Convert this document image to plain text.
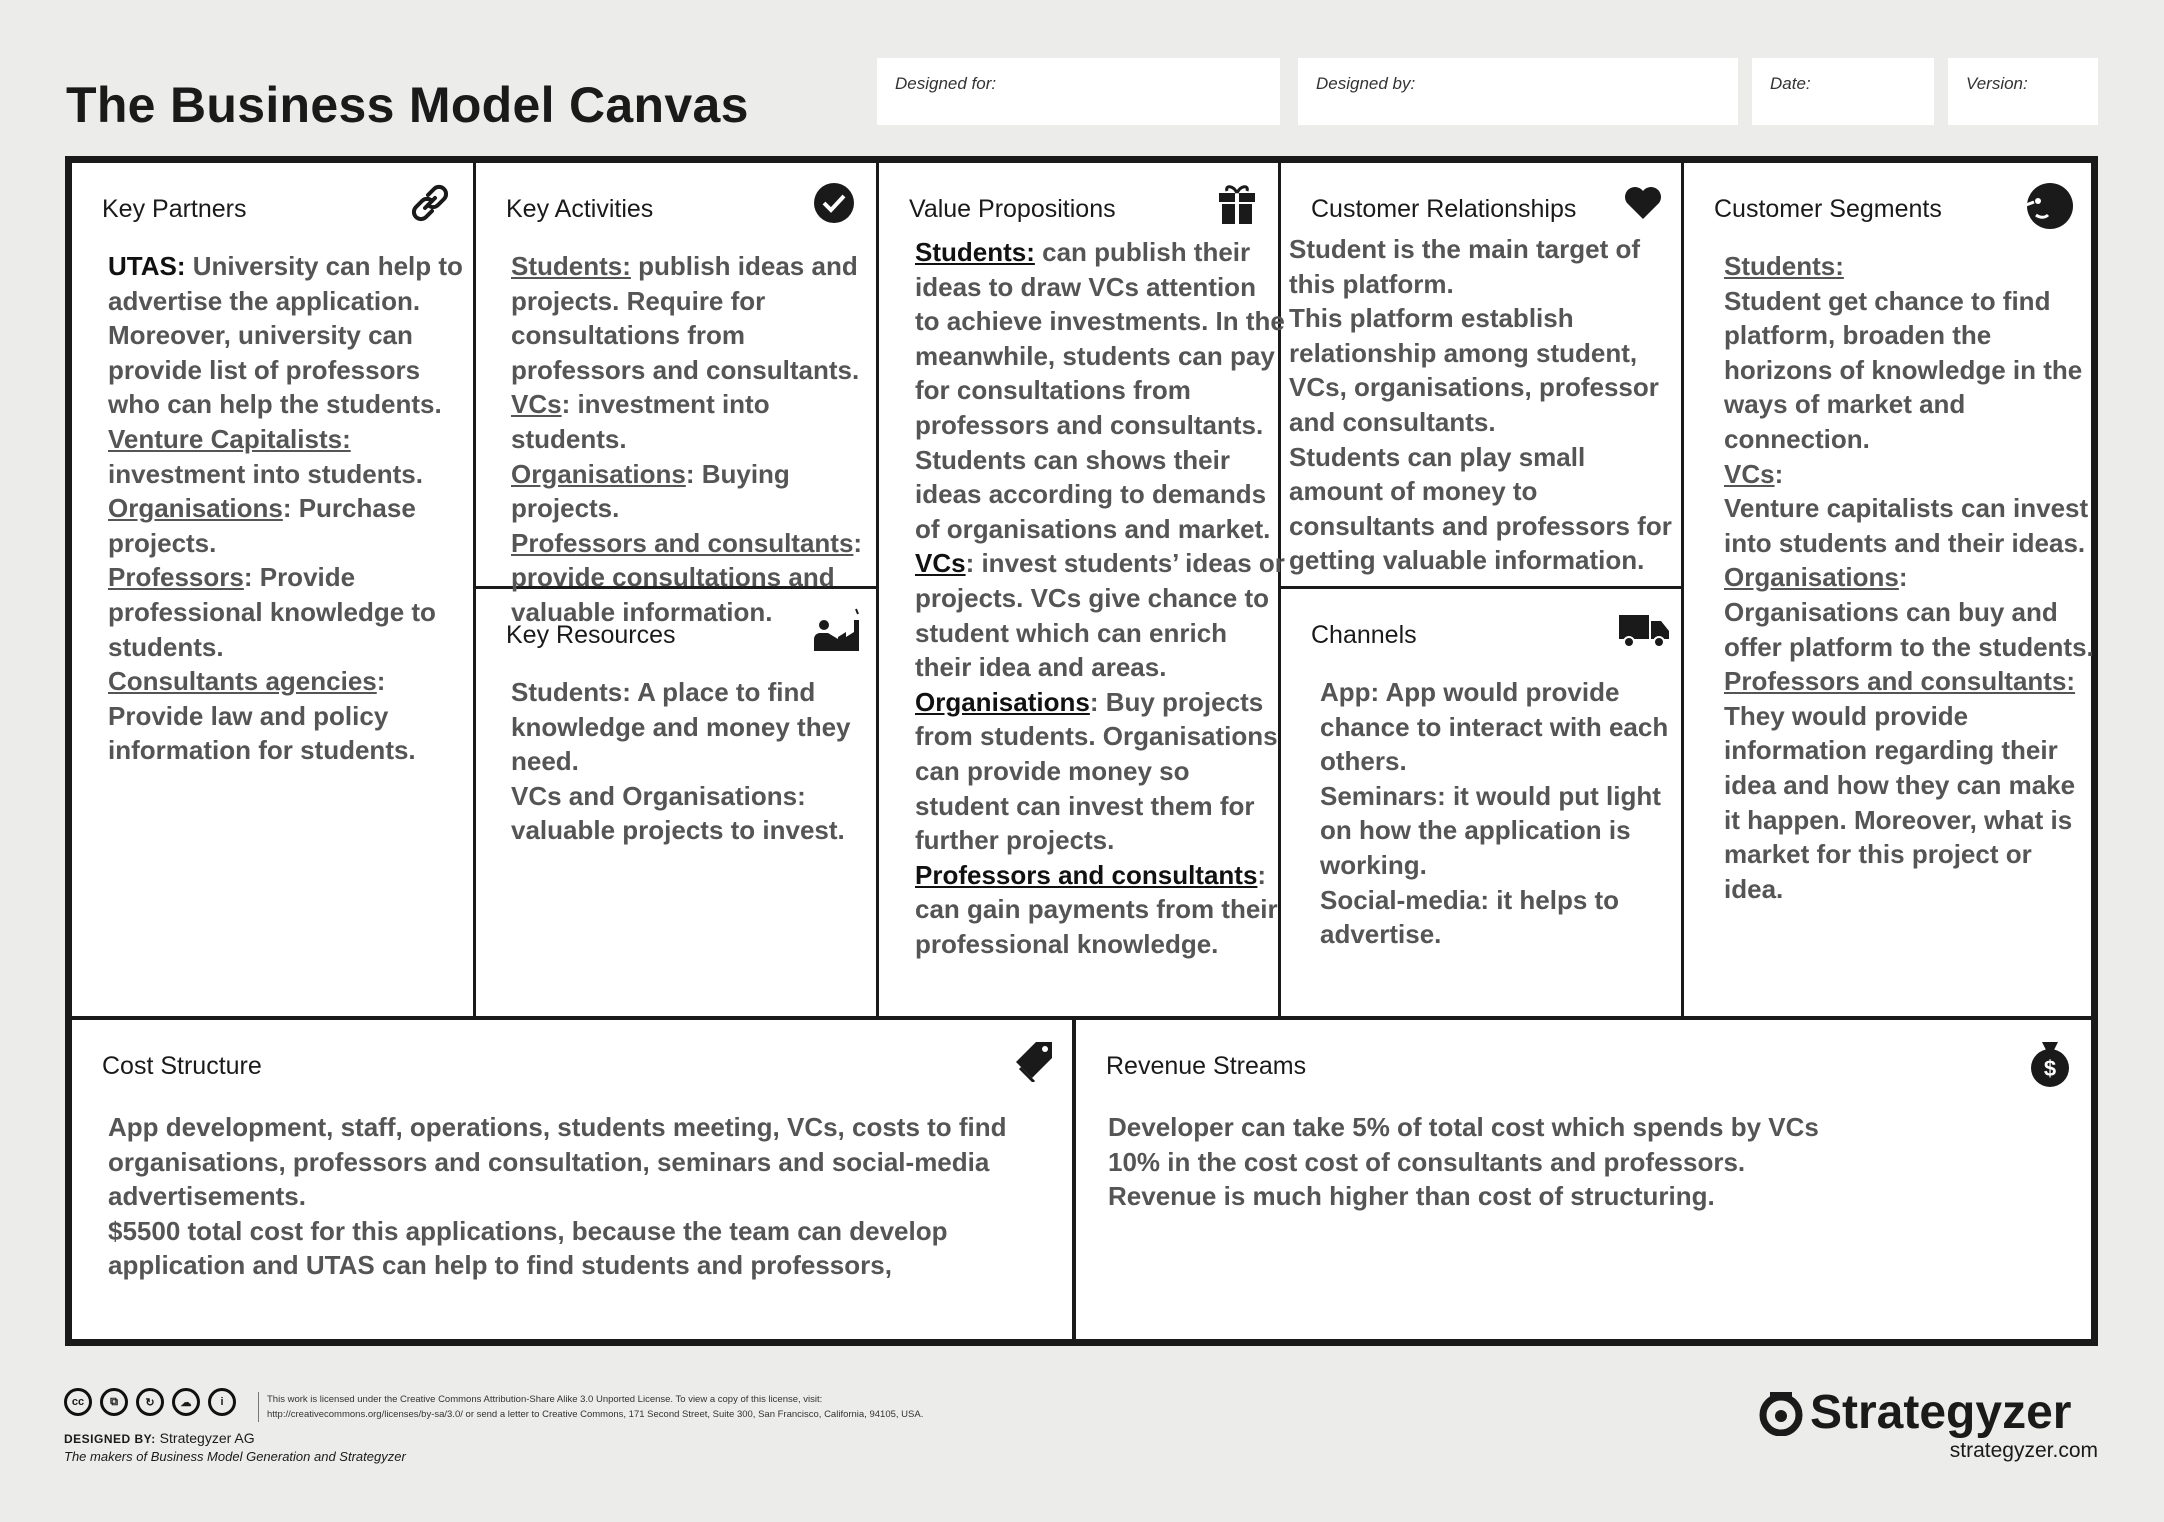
The Business Model Canvas	Designed for:	Designed by:	Date:	Version:
Key Partners
UTAS: University can help to advertise the application. Moreover, university can provide list of professors who can help the students.
Venture Capitalists: investment into students.
Organisations: Purchase projects.
Professors: Provide professional knowledge to students.
Consultants agencies: Provide law and policy information for students.
Key Activities
Students: publish ideas and projects. Require for consultations from professors and consultants.
VCs: investment into students.
Organisations: Buying projects.
Professors and consultants: provide consultations and valuable information.
Key Resources
Students: A place to find knowledge and money they need.
VCs and Organisations: valuable projects to invest.
Value Propositions
Students: can publish their ideas to draw VCs attention to achieve investments. In the meanwhile, students can pay for consultations from professors and consultants. Students can shows their ideas according to demands of organisations and market.
VCs: invest students’ ideas or projects. VCs give chance to student which can enrich their idea and areas.
Organisations: Buy projects from students. Organisations can provide money so student can invest them for further projects.
Professors and consultants: can gain payments from their professional knowledge.
Customer Relationships
Student is the main target of this platform.
This platform establish relationship among student, VCs, organisations, professor and consultants.
Students can play small amount of money to consultants and professors for getting valuable information.
Channels
App: App would provide chance to interact with each others.
Seminars: it would put light on how the application is working.
Social-media: it helps to advertise.
Customer Segments
Students:
Student get chance to find platform, broaden the horizons of knowledge in the ways of market and connection.
VCs:
Venture capitalists can invest into students and their ideas.
Organisations:
Organisations can buy and offer platform to the students.
Professors and consultants:
They would provide information regarding their idea and how they can make it happen. Moreover, what is market for this project or idea.
Cost Structure
App development, staff, operations, students meeting, VCs, costs to find organisations, professors and consultation, seminars and social-media advertisements.
$5500 total cost for this applications, because the team can develop application and UTAS can help to find students and professors,
Revenue Streams	$
Developer can take 5% of total cost which spends by VCs
10% in the cost cost of consultants and professors.
Revenue is much higher than cost of structuring.
cc	⧉	↻	☁	i	This work is licensed under the Creative Commons Attribution-Share Alike 3.0 Unported License. To view a copy of this license, visit:
http://creativecommons.org/licenses/by-sa/3.0/ or send a letter to Creative Commons, 171 Second Street, Suite 300, San Francisco, California, 94105, USA.
DESIGNED BY: Strategyzer AG
The makers of Business Model Generation and Strategyzer
Strategyzer
strategyzer.com
